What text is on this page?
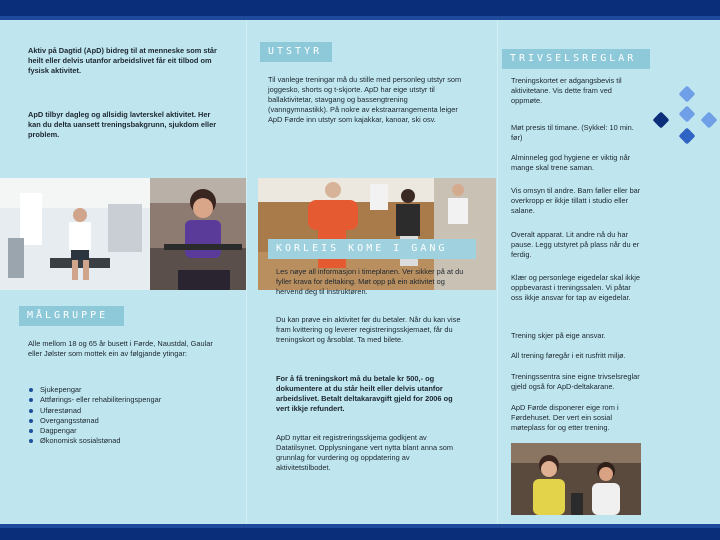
Aktiv på Dagtid (ApD) bidreg til at menneske som står heilt eller delvis utanfor arbeidslivet får eit tilbod om fysisk aktivitet.

ApD tilbyr dagleg og allsidig lavterskel aktivitet. Her kan du delta uansett treningsbakgrunn, sjukdom eller problem.

MÅLGRUPPE

Alle mellom 18 og 65 år busett i Førde, Naustdal, Gaular eller Jølster som mottek ein av følgjande ytingar:

Sjukepengar
Attførings- eller rehabiliteringspengar
Uførestønad
Overgangsstønad
Dagpengar
Økonomisk sosialstønad
UTSTYR

Til vanlege treningar må du stille med personleg utstyr som joggesko, shorts og t-skjorte. ApD har eige utstyr til ballaktivitetar, stavgang og bassengtrening (vanngymnastikk). På nokre av ekstraarrangementa leiger ApD Førde inn utstyr som kajakkar, kanoar, ski osv.

KORLEIS KOME I GANG

Les nøye all informasjon i timeplanen. Ver sikker på at du fyller krava for deltaking. Møt opp på ein aktivitet og hervend deg til instruktøren.

Du kan prøve ein aktivitet før du betaler. Når du kan vise fram kvittering og leverer registreringsskjemaet, får du treningskort og årsoblat. Ta med bilete.

For å få treningskort må du betale kr 500,- og dokumentere at du står heilt eller delvis utanfor arbeidslivet. Betalt deltakaravgift gjeld for 2006 og vert ikkje refundert.

ApD nyttar eit registreringsskjema godkjent av Datatilsynet. Opplysningane vert nytta blant anna som grunnlag for vurdering og oppdatering av aktivitetstilbodet.

TRIVSELSREGLAR

Treningskortet er adgangsbevis til aktivitetane. Vis dette fram ved oppmøte.

Møt presis til timane. (Sykkel: 10 min. før)

Alminneleg god hygiene er viktig når mange skal trene saman.

Vis omsyn til andre. Barn føller eller bar overkropp er ikkje tillatt i studio eller salane.

Overalt apparat. Lit andre nå du har pause. Legg utstyret på plass når du er ferdig.

Klær og personlege eigedelar skal ikkje oppbevarast i treningssalen. Vi påtar oss ikkje ansvar for tap av eigedelar.

Trening skjer på eige ansvar.

All trening føregår i eit rusfritt miljø.

Treningssentra sine eigne trivselsreglar gjeld også for ApD-deltakarane.

ApD Førde disponerer eige rom i Førdehuset. Der vert ein sosial møteplass for og etter trening.
